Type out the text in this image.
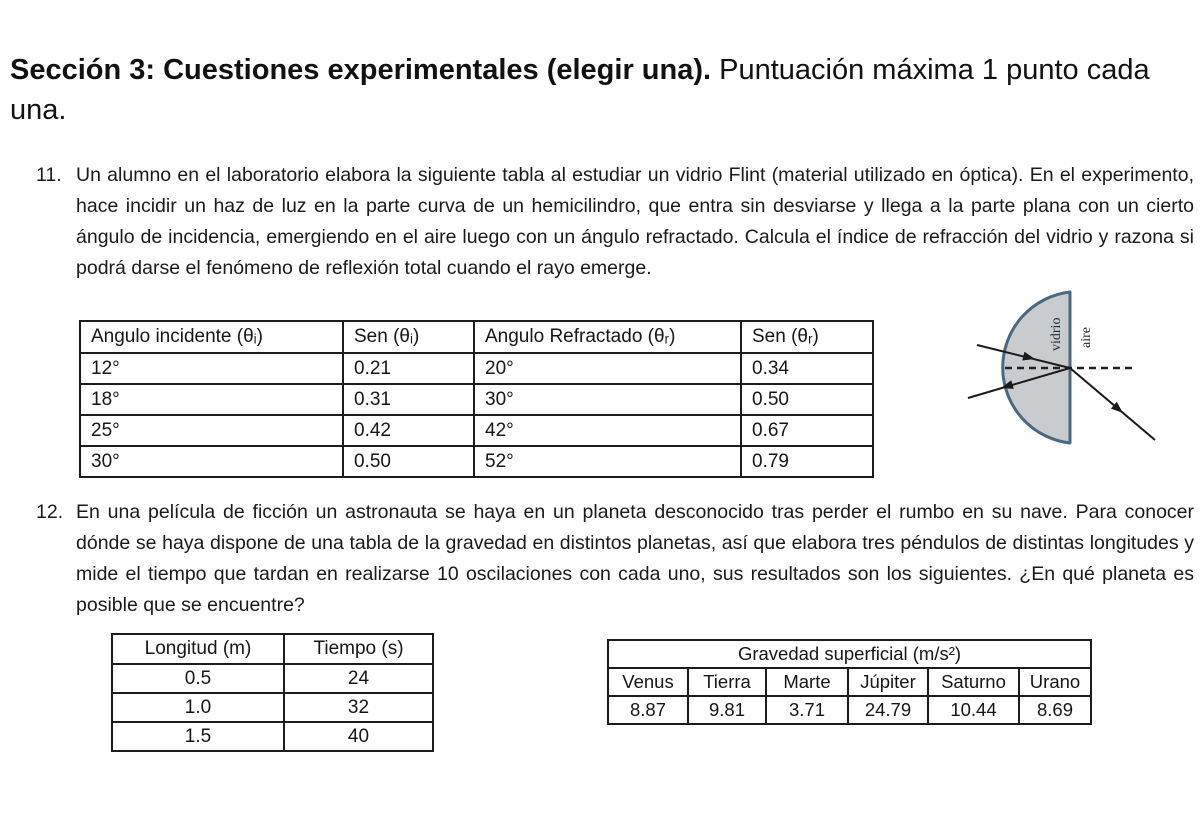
Sección 3: Cuestiones experimentales (elegir una). Puntuación máxima 1 punto cada una.
11. Un alumno en el laboratorio elabora la siguiente tabla al estudiar un vidrio Flint (material utilizado en óptica). En el experimento, hace incidir un haz de luz en la parte curva de un hemicilindro, que entra sin desviarse y llega a la parte plana con un cierto ángulo de incidencia, emergiendo en el aire luego con un ángulo refractado. Calcula el índice de refracción del vidrio y razona si podrá darse el fenómeno de reflexión total cuando el rayo emerge.
Angulo incidente (θᵢ)	Sen (θᵢ)	Angulo Refractado (θᵣ)	Sen (θᵣ)
12°	0.21	20°	0.34
18°	0.31	30°	0.50
25°	0.42	42°	0.67
30°	0.50	52°	0.79
vidrio aire
12. En una película de ficción un astronauta se haya en un planeta desconocido tras perder el rumbo en su nave. Para conocer dónde se haya dispone de una tabla de la gravedad en distintos planetas, así que elabora tres péndulos de distintas longitudes y mide el tiempo que tardan en realizarse 10 oscilaciones con cada uno, sus resultados son los siguientes. ¿En qué planeta es posible que se encuentre?
Longitud (m)	Tiempo (s)
0.5	24
1.0	32
1.5	40
Gravedad superficial (m/s²)					
Venus	Tierra	Marte	Júpiter	Saturno	Urano
8.87	9.81	3.71	24.79	10.44	8.69
